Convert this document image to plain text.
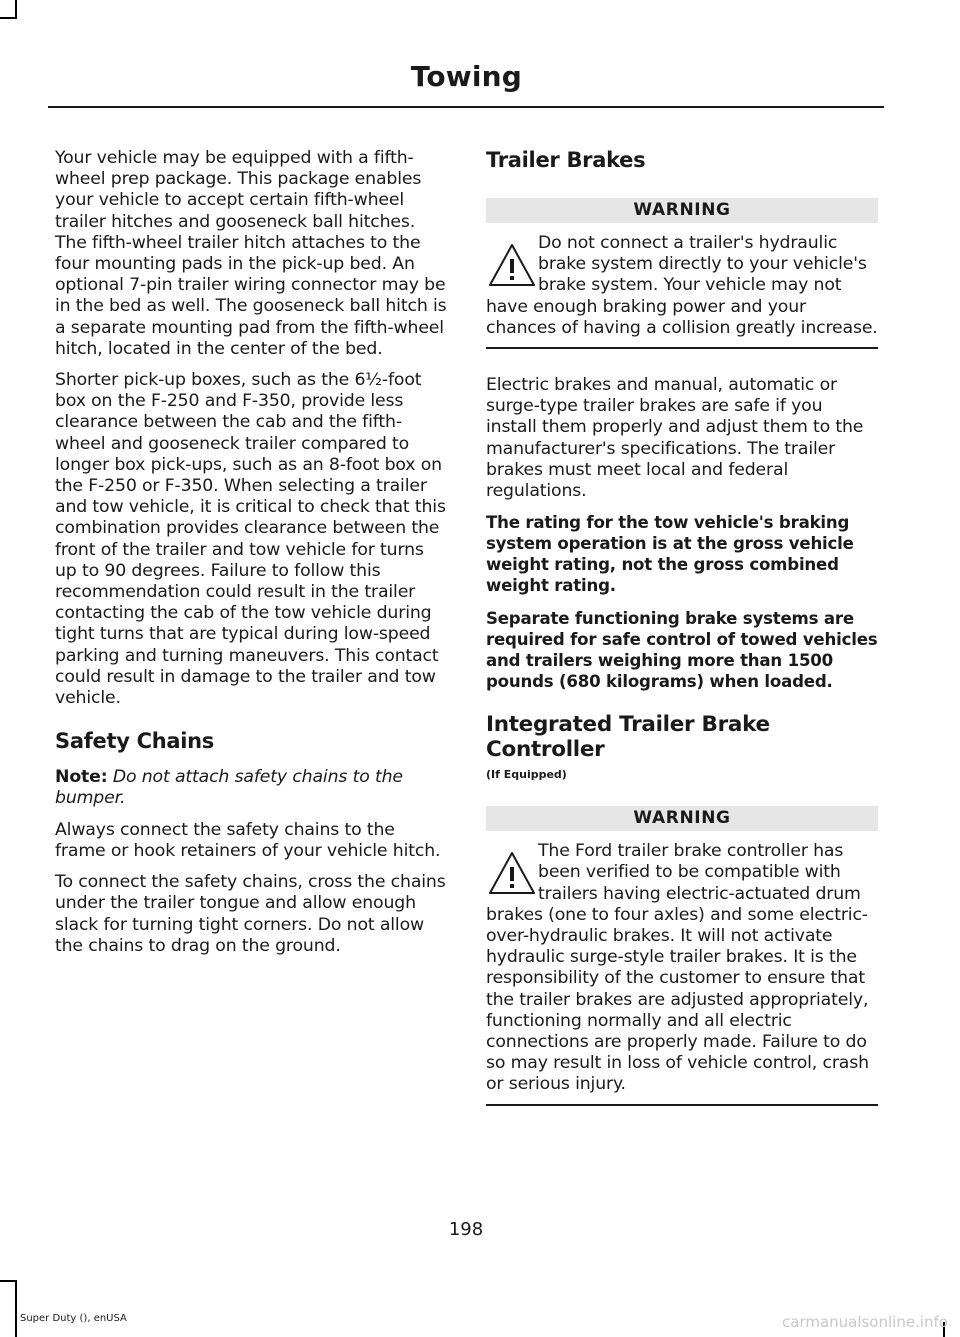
Towing

Your vehicle may be equipped with a fifth-wheel prep package. This package enables your vehicle to accept certain fifth-wheel trailer hitches and gooseneck ball hitches. The fifth-wheel trailer hitch attaches to the four mounting pads in the pick-up bed. An optional 7-pin trailer wiring connector may be in the bed as well. The gooseneck ball hitch is a separate mounting pad from the fifth-wheel hitch, located in the center of the bed.

Shorter pick-up boxes, such as the 6½-foot box on the F-250 and F-350, provide less clearance between the cab and the fifth-wheel and gooseneck trailer compared to longer box pick-ups, such as an 8-foot box on the F-250 or F-350. When selecting a trailer and tow vehicle, it is critical to check that this combination provides clearance between the front of the trailer and tow vehicle for turns up to 90 degrees. Failure to follow this recommendation could result in the trailer contacting the cab of the tow vehicle during tight turns that are typical during low-speed parking and turning maneuvers. This contact could result in damage to the trailer and tow vehicle.

Safety Chains

Note: Do not attach safety chains to the bumper.

Always connect the safety chains to the frame or hook retainers of your vehicle hitch.

To connect the safety chains, cross the chains under the trailer tongue and allow enough slack for turning tight corners. Do not allow the chains to drag on the ground.

Trailer Brakes
WARNING
Do not connect a trailer's hydraulic brake system directly to your vehicle's brake system. Your vehicle may not have enough braking power and your chances of having a collision greatly increase.

Electric brakes and manual, automatic or surge-type trailer brakes are safe if you install them properly and adjust them to the manufacturer's specifications. The trailer brakes must meet local and federal regulations.

The rating for the tow vehicle's braking system operation is at the gross vehicle weight rating, not the gross combined weight rating.

Separate functioning brake systems are required for safe control of towed vehicles and trailers weighing more than 1500 pounds (680 kilograms) when loaded.

Integrated Trailer Brake Controller
(If Equipped)
WARNING
The Ford trailer brake controller has been verified to be compatible with trailers having electric-actuated drum brakes (one to four axles) and some electric-over-hydraulic brakes. It will not activate hydraulic surge-style trailer brakes. It is the responsibility of the customer to ensure that the trailer brakes are adjusted appropriately, functioning normally and all electric connections are properly made. Failure to do so may result in loss of vehicle control, crash or serious injury.
198
Super Duty (), enUSA	carmanualsonline.info
